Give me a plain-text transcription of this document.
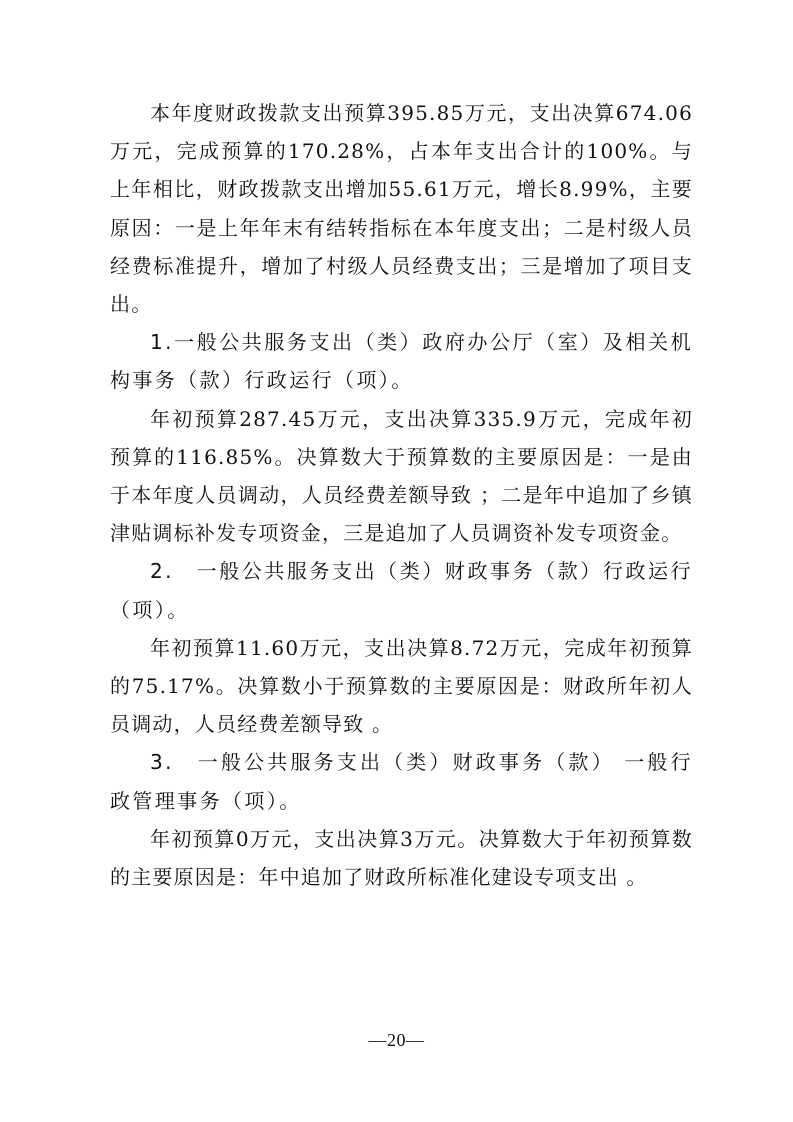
本年度财政拨款支出预算395.85万元，支出决算674.06万元，完成预算的170.28%，占本年支出合计的100%。与上年相比，财政拨款支出增加55.61万元，增长8.99%，主要原因：一是上年年末有结转指标在本年度支出；二是村级人员经费标准提升，增加了村级人员经费支出；三是增加了项目支出。

1.一般公共服务支出（类）政府办公厅（室）及相关机构事务（款）行政运行（项）。

年初预算287.45万元，支出决算335.9万元，完成年初预算的116.85%。决算数大于预算数的主要原因是：一是由于本年度人员调动，人员经费差额导致 ；二是年中追加了乡镇津贴调标补发专项资金，三是追加了人员调资补发专项资金。

2.　一般公共服务支出（类）财政事务（款）行政运行（项）。

年初预算11.60万元，支出决算8.72万元，完成年初预算的75.17%。决算数小于预算数的主要原因是：财政所年初人员调动，人员经费差额导致 。

3.　一般公共服务支出（类）财政事务（款） 一般行政管理事务（项）。

年初预算0万元，支出决算3万元。决算数大于年初预算数的主要原因是：年中追加了财政所标准化建设专项支出 。

—20—
